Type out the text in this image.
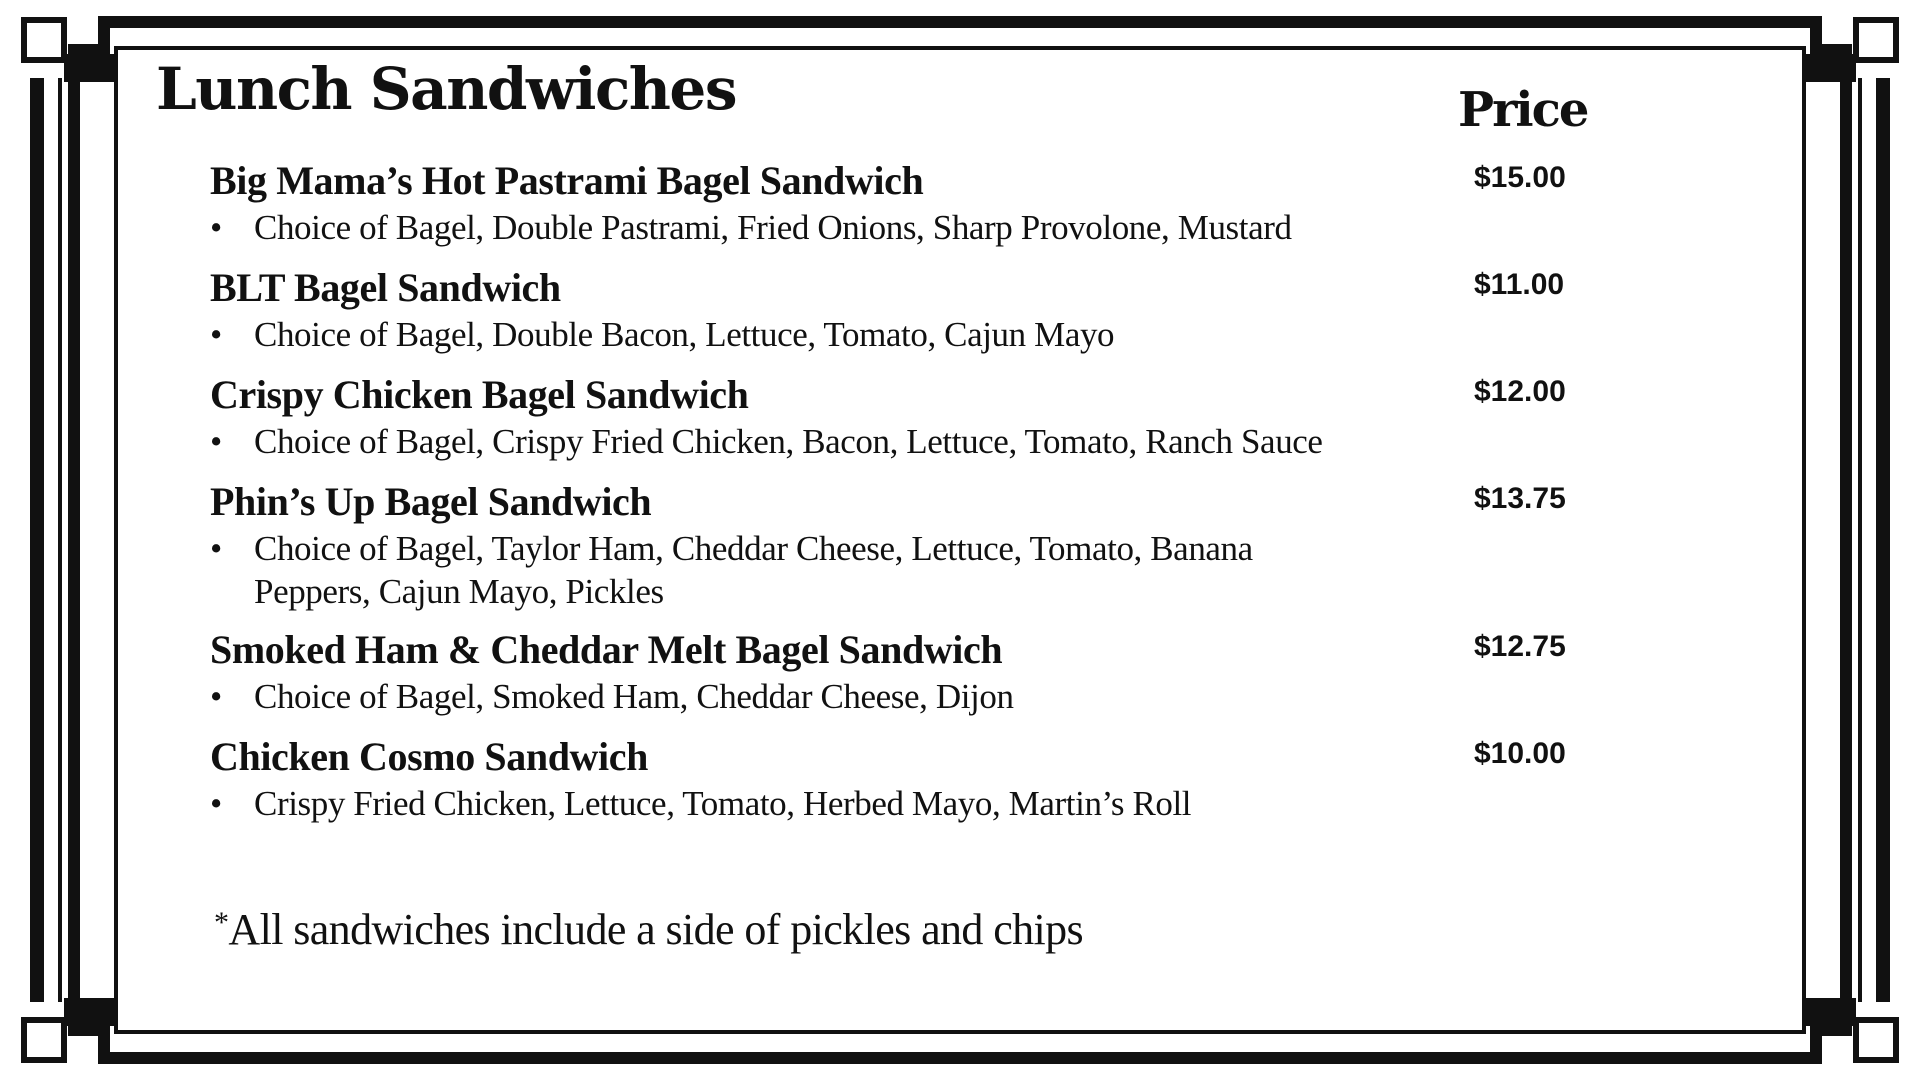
Lunch Sandwiches	Price

Big Mama’s Hot Pastrami Bagel Sandwich	$15.00

• Choice of Bagel, Double Pastrami, Fried Onions, Sharp Provolone, Mustard

BLT Bagel Sandwich	$11.00

• Choice of Bagel, Double Bacon, Lettuce, Tomato, Cajun Mayo

Crispy Chicken Bagel Sandwich	$12.00

• Choice of Bagel, Crispy Fried Chicken, Bacon, Lettuce, Tomato, Ranch Sauce

Phin’s Up Bagel Sandwich	$13.75

• Choice of Bagel, Taylor Ham, Cheddar Cheese, Lettuce, Tomato, Banana
Peppers, Cajun Mayo, Pickles

Smoked Ham & Cheddar Melt Bagel Sandwich	$12.75

• Choice of Bagel, Smoked Ham, Cheddar Cheese, Dijon

Chicken Cosmo Sandwich	$10.00

• Crispy Fried Chicken, Lettuce, Tomato, Herbed Mayo, Martin’s Roll

*All sandwiches include a side of pickles and chips
